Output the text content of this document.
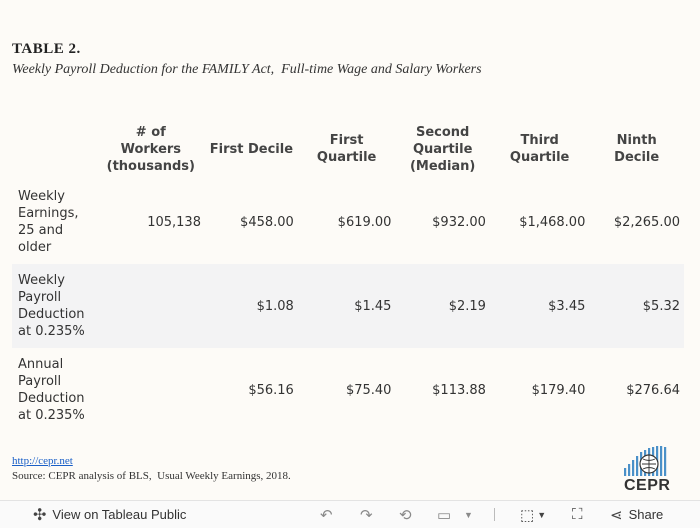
TABLE 2.
Weekly Payroll Deduction for the FAMILY Act,  Full-time Wage and Salary Workers
	# of Workers (thousands)	First Decile	First Quartile	Second Quartile (Median)	Third Quartile	Ninth Decile
Weekly Earnings, 25 and older	105,138	$458.00	$619.00	$932.00	$1,468.00	$2,265.00
Weekly Payroll Deduction at 0.235%		$1.08	$1.45	$2.19	$3.45	$5.32
Annual Payroll Deduction at 0.235%		$56.16	$75.40	$113.88	$179.40	$276.64
http://cepr.net
Source: CEPR analysis of BLS,  Usual Weekly Earnings, 2018.
CEPR
✣ View on Tableau Public	↶ ↷ ⟲ ▭ ▼	⬚ ▼ ⛶ ⋖ Share
